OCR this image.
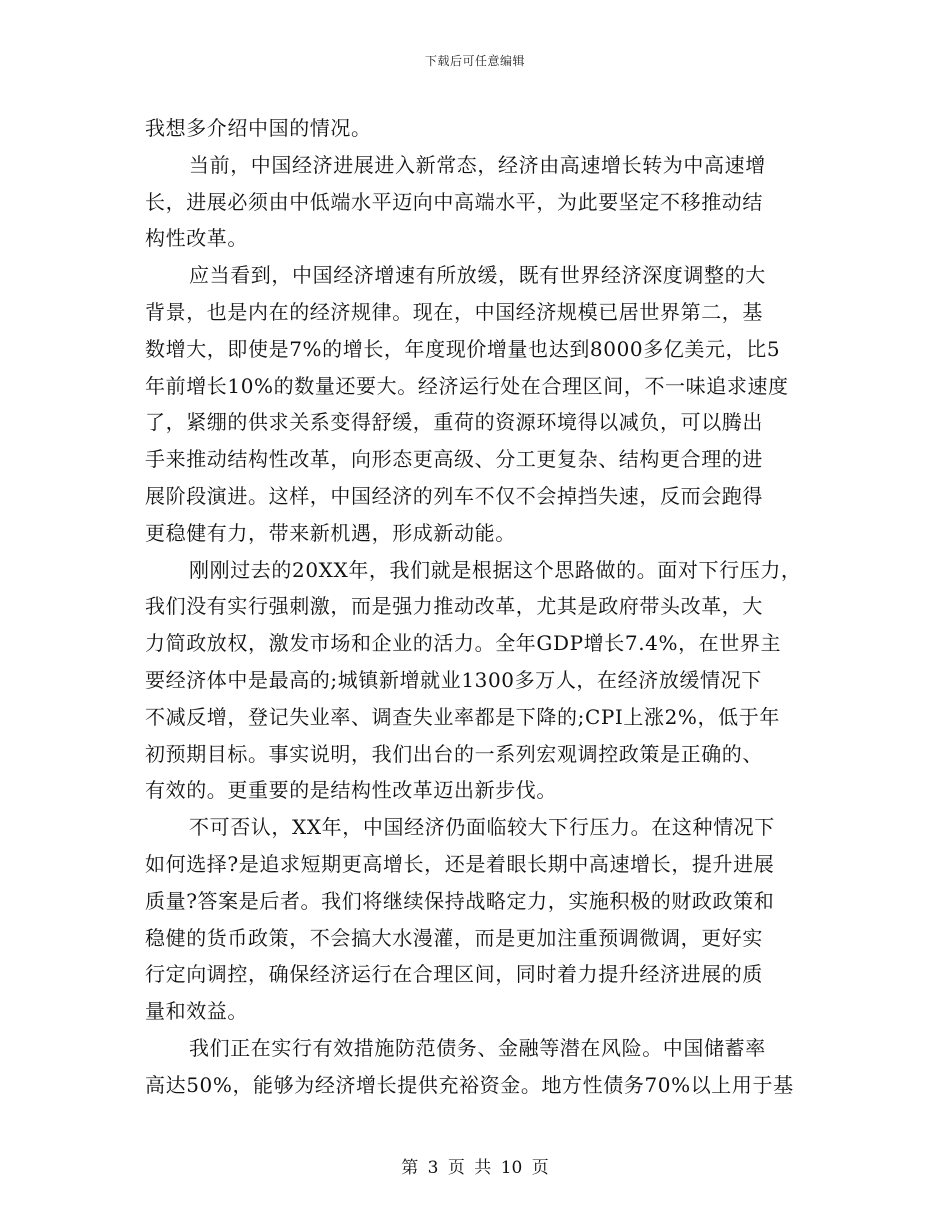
下载后可任意编辑
我想多介绍中国的情况。
当前，中国经济进展进入新常态，经济由高速增长转为中高速增
长，进展必须由中低端水平迈向中高端水平，为此要坚定不移推动结
构性改革。
应当看到，中国经济增速有所放缓，既有世界经济深度调整的大
背景，也是内在的经济规律。现在，中国经济规模已居世界第二，基
数增大，即使是7%的增长，年度现价增量也达到8000多亿美元，比5
年前增长10%的数量还要大。经济运行处在合理区间，不一味追求速度
了，紧绷的供求关系变得舒缓，重荷的资源环境得以减负，可以腾出
手来推动结构性改革，向形态更高级、分工更复杂、结构更合理的进
展阶段演进。这样，中国经济的列车不仅不会掉挡失速，反而会跑得
更稳健有力，带来新机遇，形成新动能。
刚刚过去的20XX年，我们就是根据这个思路做的。面对下行压力，
我们没有实行强刺激，而是强力推动改革，尤其是政府带头改革，大
力简政放权，激发市场和企业的活力。全年GDP增长7.4%，在世界主
要经济体中是最高的;城镇新增就业1300多万人，在经济放缓情况下
不减反增，登记失业率、调查失业率都是下降的;CPI上涨2%，低于年
初预期目标。事实说明，我们出台的一系列宏观调控政策是正确的、
有效的。更重要的是结构性改革迈出新步伐。
不可否认，XX年，中国经济仍面临较大下行压力。在这种情况下
如何选择?是追求短期更高增长，还是着眼长期中高速增长，提升进展
质量?答案是后者。我们将继续保持战略定力，实施积极的财政政策和
稳健的货币政策，不会搞大水漫灌，而是更加注重预调微调，更好实
行定向调控，确保经济运行在合理区间，同时着力提升经济进展的质
量和效益。
我们正在实行有效措施防范债务、金融等潜在风险。中国储蓄率
高达50%，能够为经济增长提供充裕资金。地方性债务70%以上用于基
第 3 页 共 10 页
